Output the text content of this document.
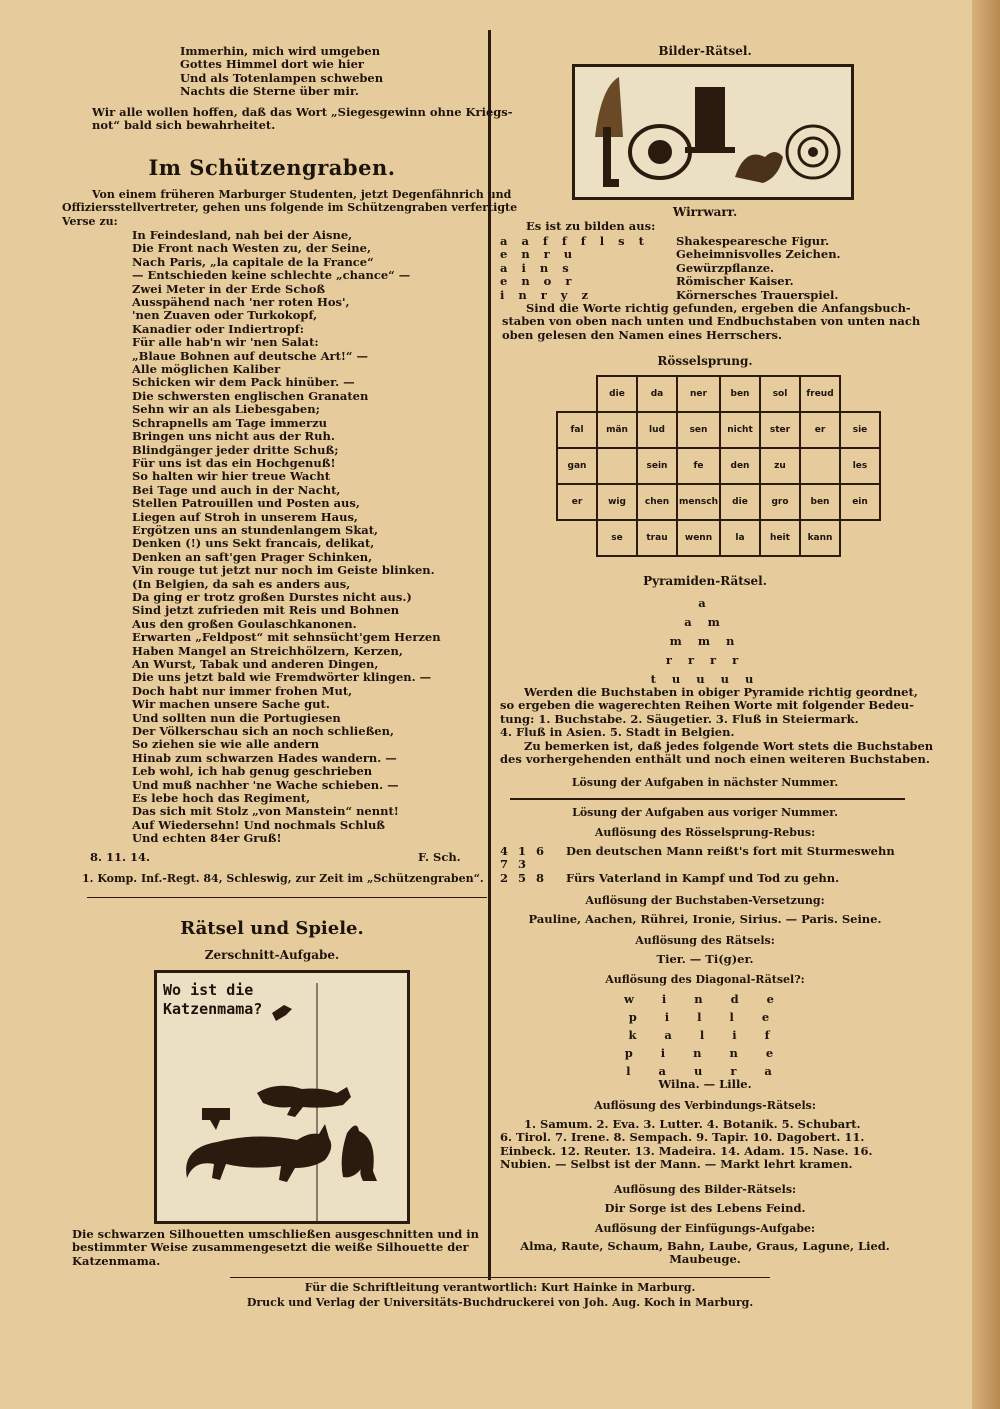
Immerhin, mich wird umgeben
Gottes Himmel dort wie hier
Und als Totenlampen schweben
Nachts die Sterne über mir.
Wir alle wollen hoffen, daß das Wort „Siegesgewinn ohne Kriegs-
not“ bald sich bewahrheitet.
Im Schützengraben.
Von einem früheren Marburger Studenten, jetzt Degenfähnrich und
Offiziersstellvertreter, gehen uns folgende im Schützengraben verfertigte
Verse zu:
In Feindesland, nah bei der Aisne,
Die Front nach Westen zu, der Seine,
Nach Paris, „la capitale de la France“
— Entschieden keine schlechte „chance“ —
Zwei Meter in der Erde Schoß
Ausspähend nach 'ner roten Hos',
'nen Zuaven oder Turkokopf,
Kanadier oder Indiertropf:
Für alle hab'n wir 'nen Salat:
„Blaue Bohnen auf deutsche Art!“ —
Alle möglichen Kaliber
Schicken wir dem Pack hinüber. —
Die schwersten englischen Granaten
Sehn wir an als Liebesgaben;
Schrapnells am Tage immerzu
Bringen uns nicht aus der Ruh.
Blindgänger jeder dritte Schuß;
Für uns ist das ein Hochgenuß!
So halten wir hier treue Wacht
Bei Tage und auch in der Nacht,
Stellen Patrouillen und Posten aus,
Liegen auf Stroh in unserem Haus,
Ergötzen uns an stundenlangem Skat,
Denken (!) uns Sekt francais, delikat,
Denken an saft'gen Prager Schinken,
Vin rouge tut jetzt nur noch im Geiste blinken.
(In Belgien, da sah es anders aus,
Da ging er trotz großen Durstes nicht aus.)
Sind jetzt zufrieden mit Reis und Bohnen
Aus den großen Goulaschkanonen.
Erwarten „Feldpost“ mit sehnsücht'gem Herzen
Haben Mangel an Streichhölzern, Kerzen,
An Wurst, Tabak und anderen Dingen,
Die uns jetzt bald wie Fremdwörter klingen. —
Doch habt nur immer frohen Mut,
Wir machen unsere Sache gut.
Und sollten nun die Portugiesen
Der Völkerschau sich an noch schließen,
So ziehen sie wie alle andern
Hinab zum schwarzen Hades wandern. —
Leb wohl, ich hab genug geschrieben
Und muß nachher 'ne Wache schieben. —
Es lebe hoch das Regiment,
Das sich mit Stolz „von Manstein“ nennt!
Auf Wiedersehn! Und nochmals Schluß
Und echten 84er Gruß!
8. 11. 14.	F. Sch.
1. Komp. Inf.-Regt. 84, Schleswig, zur Zeit im „Schützengraben“.
Rätsel und Spiele.
Zerschnitt-Aufgabe.
Wo ist die Katzenmama?
Die schwarzen Silhouetten umschließen ausgeschnitten und in
bestimmter Weise zusammengesetzt die weiße Silhouette der
Katzenmama.
Bilder-Rätsel.
Wirrwarr.
Es ist zu bilden aus:
a a f f f l s t Shakespearesche Figur.
e n r u	Geheimnisvolles Zeichen.
a i n s	Gewürzpflanze.
e n o r	Römischer Kaiser.
i n r y z	Körnersches Trauerspiel.
Sind die Worte richtig gefunden, ergeben die Anfangsbuch-
staben von oben nach unten und Endbuchstaben von unten nach
oben gelesen den Namen eines Herrschers.
Rösselsprung.
	die	da	ner	ben	sol	freud	
fal	män	lud	sen	nicht	ster	er	sie
gan		sein	fe	den	zu		les
er	wig	chen	mensch	die	gro	ben	ein
	se	trau	wenn	la	heit	kann	
Pyramiden-Rätsel.
a
a m
m m n
r r r r
t u u u u
Werden die Buchstaben in obiger Pyramide richtig geordnet,
so ergeben die wagerechten Reihen Worte mit folgender Bedeu-
tung: 1. Buchstabe. 2. Säugetier. 3. Fluß in Steiermark.
4. Fluß in Asien. 5. Stadt in Belgien.
Zu bemerken ist, daß jedes folgende Wort stets die Buchstaben
des vorhergehenden enthält und noch einen weiteren Buchstaben.
Lösung der Aufgaben in nächster Nummer.
Lösung der Aufgaben aus voriger Nummer.
Auflösung des Rösselsprung-Rebus:
4 1 6 Den deutschen Mann reißt's fort mit Sturmeswehn
7 3
2 5 8 Fürs Vaterland in Kampf und Tod zu gehn.
Auflösung der Buchstaben-Versetzung:
Pauline, Aachen, Rührei, Ironie, Sirius. — Paris. Seine.
Auflösung des Rätsels:
Tier. — Ti(g)er.
Auflösung des Diagonal-Rätsel?:
w i n d e
p i l l e
k a l i f
p i n n e
l a u r a
Wilna. — Lille.
Auflösung des Verbindungs-Rätsels:
1. Samum. 2. Eva. 3. Lutter. 4. Botanik. 5. Schubart.
6. Tirol. 7. Irene. 8. Sempach. 9. Tapir. 10. Dagobert. 11.
Einbeck. 12. Reuter. 13. Madeira. 14. Adam. 15. Nase. 16.
Nubien. — Selbst ist der Mann. — Markt lehrt kramen.
Auflösung des Bilder-Rätsels:
Dir Sorge ist des Lebens Feind.
Auflösung der Einfügungs-Aufgabe:
Alma, Raute, Schaum, Bahn, Laube, Graus, Lagune, Lied.
Maubeuge.
Für die Schriftleitung verantwortlich: Kurt Hainke in Marburg.
Druck und Verlag der Universitäts-Buchdruckerei von Joh. Aug. Koch in Marburg.
